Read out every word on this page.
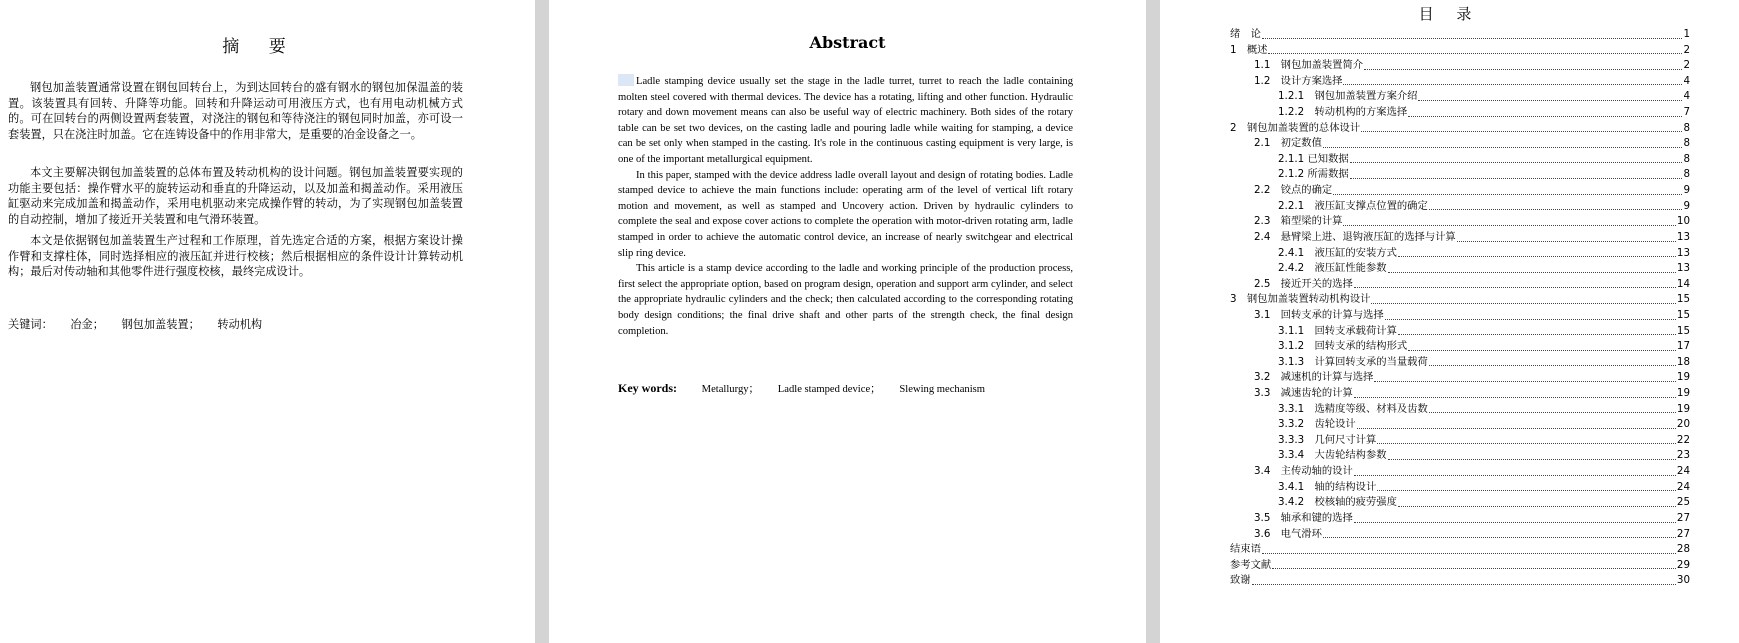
摘 要

钢包加盖装置通常设置在钢包回转台上，为到达回转台的盛有钢水的钢包加保温盖的装置。该装置具有回转、升降等功能。回转和升降运动可用液压方式，也有用电动机械方式的。可在回转台的两侧设置两套装置，对浇注的钢包和等待浇注的钢包同时加盖，亦可设一套装置，只在浇注时加盖。它在连铸设备中的作用非常大，是重要的冶金设备之一。

本文主要解决钢包加盖装置的总体布置及转动机构的设计问题。钢包加盖装置要实现的功能主要包括：操作臂水平的旋转运动和垂直的升降运动，以及加盖和揭盖动作。采用液压缸驱动来完成加盖和揭盖动作，采用电机驱动来完成操作臂的转动，为了实现钢包加盖装置的自动控制，增加了接近开关装置和电气滑环装置。

本文是依据钢包加盖装置生产过程和工作原理，首先选定合适的方案，根据方案设计操作臂和支撑柱体，同时选择相应的液压缸并进行校核；然后根据相应的条件设计计算转动机构；最后对传动轴和其他零件进行强度校核，最终完成设计。

关键词： 冶金； 钢包加盖装置； 转动机构
Abstract

Ladle stamping device usually set the stage in the ladle turret, turret to reach the ladle containing molten steel covered with thermal devices. The device has a rotating, lifting and other function. Hydraulic rotary and down movement means can also be useful way of electric machinery. Both sides of the rotary table can be set two devices, on the casting ladle and pouring ladle while waiting for stamping, a device can be set only when stamped in the casting. It's role in the continuous casting equipment is very large, is one of the important metallurgical equipment.

In this paper, stamped with the device address ladle overall layout and design of rotating bodies. Ladle stamped device to achieve the main functions include: operating arm of the level of vertical lift rotary motion and movement, as well as stamped and Uncovery action. Driven by hydraulic cylinders to complete the seal and expose cover actions to complete the operation with motor-driven rotating arm, ladle stamped in order to achieve the automatic control device, an increase of nearly switchgear and electrical slip ring device.

This article is a stamp device according to the ladle and working principle of the production process, first select the appropriate option, based on program design, operation and support arm cylinder, and select the appropriate hydraulic cylinders and the check; then calculated according to the corresponding rotating body design conditions; the final drive shaft and other parts of the strength check, the final design completion.

Key words: Metallurgy； Ladle stamped device； Slewing mechanism
目 录
绪　论	1
1　概述	2
1.1　钢包加盖装置简介	2
1.2　设计方案选择	4
1.2.1　钢包加盖装置方案介绍	4
1.2.2　转动机构的方案选择	7
2　钢包加盖装置的总体设计	8
2.1　初定数值	8
2.1.1 已知数据	8
2.1.2 所需数据	8
2.2　铰点的确定	9
2.2.1　液压缸支撑点位置的确定	9
2.3　箱型梁的计算	10
2.4　悬臂梁上进、退钩液压缸的选择与计算	13
2.4.1　液压缸的安装方式	13
2.4.2　液压缸性能参数	13
2.5　接近开关的选择	14
3　钢包加盖装置转动机构设计	15
3.1　回转支承的计算与选择	15
3.1.1　回转支承载荷计算	15
3.1.2　回转支承的结构形式	17
3.1.3　计算回转支承的当量载荷	18
3.2　减速机的计算与选择	19
3.3　减速齿轮的计算	19
3.3.1　选精度等级、材料及齿数	19
3.3.2　齿轮设计	20
3.3.3　几何尺寸计算	22
3.3.4　大齿轮结构参数	23
3.4　主传动轴的设计	24
3.4.1　轴的结构设计	24
3.4.2　校核轴的疲劳强度	25
3.5　轴承和键的选择	27
3.6　电气滑环	27
结束语	28
参考文献	29
致谢	30
